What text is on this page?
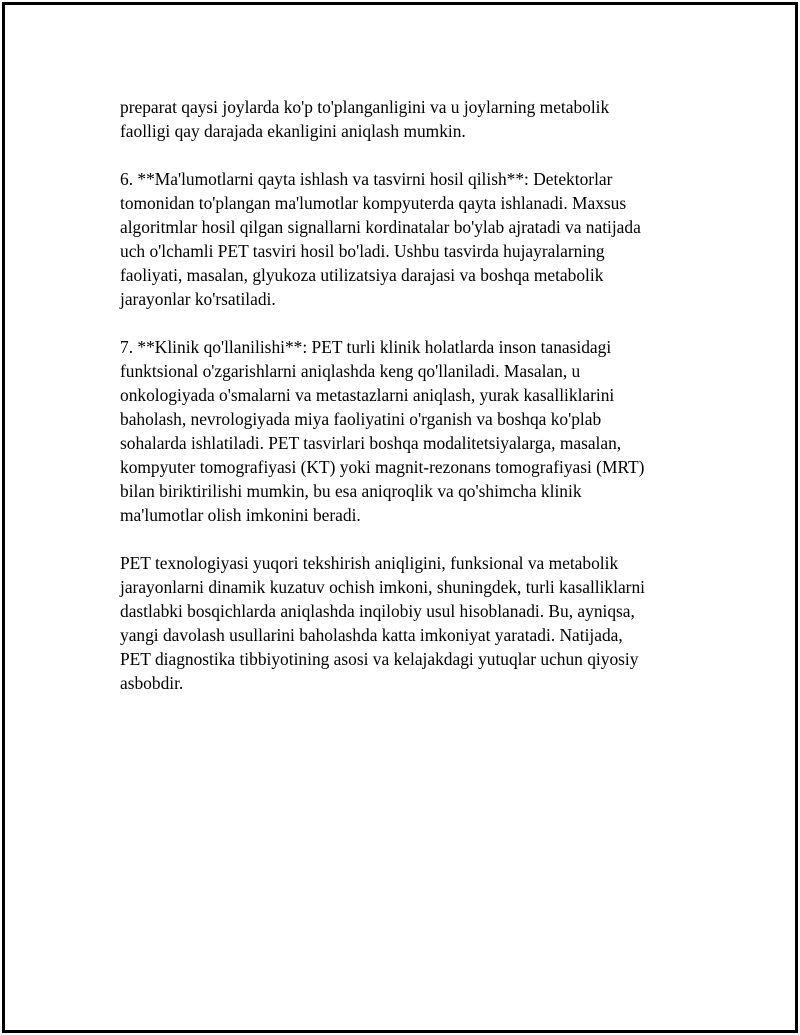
preparat qaysi joylarda ko'p to'planganligini va u joylarning metabolik
faolligi qay darajada ekanligini aniqlash mumkin.

6. **Ma'lumotlarni qayta ishlash va tasvirni hosil qilish**: Detektorlar
tomonidan to'plangan ma'lumotlar kompyuterda qayta ishlanadi. Maxsus
algoritmlar hosil qilgan signallarni kordinatalar bo'ylab ajratadi va natijada
uch o'lchamli PET tasviri hosil bo'ladi. Ushbu tasvirda hujayralarning
faoliyati, masalan, glyukoza utilizatsiya darajasi va boshqa metabolik
jarayonlar ko'rsatiladi.

7. **Klinik qo'llanilishi**: PET turli klinik holatlarda inson tanasidagi
funktsional o'zgarishlarni aniqlashda keng qo'llaniladi. Masalan, u
onkologiyada o'smalarni va metastazlarni aniqlash, yurak kasalliklarini
baholash, nevrologiyada miya faoliyatini o'rganish va boshqa ko'plab
sohalarda ishlatiladi. PET tasvirlari boshqa modalitetsiyalarga, masalan,
kompyuter tomografiyasi (KT) yoki magnit-rezonans tomografiyasi (MRT)
bilan biriktirilishi mumkin, bu esa aniqroqlik va qo'shimcha klinik
ma'lumotlar olish imkonini beradi.

PET texnologiyasi yuqori tekshirish aniqligini, funksional va metabolik
jarayonlarni dinamik kuzatuv ochish imkoni, shuningdek, turli kasalliklarni
dastlabki bosqichlarda aniqlashda inqilobiy usul hisoblanadi. Bu, ayniqsa,
yangi davolash usullarini baholashda katta imkoniyat yaratadi. Natijada,
PET diagnostika tibbiyotining asosi va kelajakdagi yutuqlar uchun qiyosiy
asbobdir.
